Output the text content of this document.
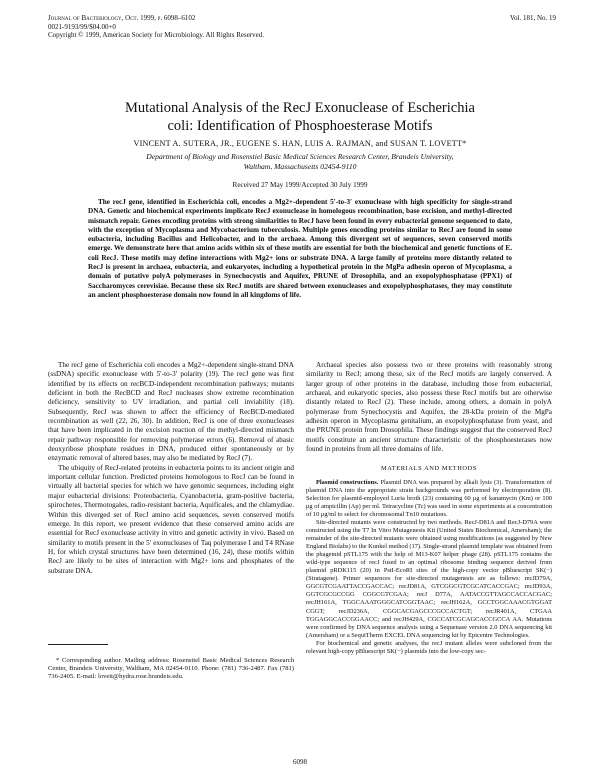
Journal of Bacteriology, Oct. 1999, p. 6098–6102
0021-9193/99/$04.00+0
Copyright © 1999, American Society for Microbiology. All Rights Reserved.
Vol. 181, No. 19
Mutational Analysis of the RecJ Exonuclease of Escherichia
coli: Identification of Phosphoesterase Motifs
VINCENT A. SUTERA, JR., EUGENE S. HAN, LUIS A. RAJMAN, and SUSAN T. LOVETT*
Department of Biology and Rosenstiel Basic Medical Sciences Research Center, Brandeis University,
Waltham, Massachusetts 02454-9110
Received 27 May 1999/Accepted 30 July 1999

The recJ gene, identified in Escherichia coli, encodes a Mg2+-dependent 5′-to-3′ exonuclease with high specificity for single-strand DNA. Genetic and biochemical experiments implicate RecJ exonuclease in homologous recombination, base excision, and methyl-directed mismatch repair. Genes encoding proteins with strong similarities to RecJ have been found in every eubacterial genome sequenced to date, with the exception of Mycoplasma and Mycobacterium tuberculosis. Multiple genes encoding proteins similar to RecJ are found in some eubacteria, including Bacillus and Helicobacter, and in the archaea. Among this divergent set of sequences, seven conserved motifs emerge. We demonstrate here that amino acids within six of these motifs are essential for both the biochemical and genetic functions of E. coli RecJ. These motifs may define interactions with Mg2+ ions or substrate DNA. A large family of proteins more distantly related to RecJ is present in archaea, eubacteria, and eukaryotes, including a hypothetical protein in the MgPa adhesin operon of Mycoplasma, a domain of putative polyA polymerases in Synechocystis and Aquifex, PRUNE of Drosophila, and an exopolyphosphatase (PPX1) of Saccharomyces cerevisiae. Because these six RecJ motifs are shared between exonucleases and exopolyphosphatases, they may constitute an ancient phosphoesterase domain now found in all kingdoms of life.

The recJ gene of Escherichia coli encodes a Mg2+-dependent single-strand DNA (ssDNA) specific exonuclease with 5′-to-3′ polarity (19). The recJ gene was first identified by its effects on recBCD-independent recombination pathways; mutants deficient in both the RecBCD and RecJ nucleases show extreme recombination deficiency, sensitivity to UV irradiation, and partial cell inviability (18). Subsequently, RecJ was shown to affect the efficiency of RecBCD-mediated recombination as well (22, 26, 30). In addition, RecJ is one of three exonucleases that have been implicated in the excision reaction of the methyl-directed mismatch repair pathway responsible for removing polymerase errors (6). Removal of abasic deoxyribose phosphate residues in DNA, produced either spontaneously or by enzymatic removal of altered bases, may also be mediated by RecJ (7).

The ubiquity of RecJ-related proteins in eubacteria points to its ancient origin and important cellular function. Predicted proteins homologous to RecJ can be found in virtually all bacterial species for which we have genomic sequences, including eight major eubacterial divisions: Proteobacteria, Cyanobacteria, gram-positive bacteria, spirochetes, Thermotogales, radio-resistant bacteria, Aquificales, and the chlamydiae. Within this diverged set of RecJ amino acid sequences, seven conserved motifs emerge. In this report, we present evidence that these conserved amino acids are essential for RecJ exonuclease activity in vitro and genetic activity in vivo. Based on similarity to motifs present in the 5′ exonucleases of Taq polymerase I and T4 RNase H, for which crystal structures have been determined (16, 24), these motifs within RecJ are likely to be sites of interaction with Mg2+ ions and phosphates of the substrate DNA.

Archaeal species also possess two or three proteins with reasonably strong similarity to RecJ; among these, six of the RecJ motifs are largely conserved. A larger group of other proteins in the database, including those from eubacterial, archaeal, and eukaryotic species, also possess these RecJ motifs but are otherwise distantly related to RecJ (2). These include, among others, a domain in polyA polymerase from Synechocystis and Aquifex, the 28-kDa protein of the MgPa adhesin operon in Mycoplasma genitalium, an exopolyphosphatase from yeast, and the PRUNE protein from Drosophila. These findings suggest that the conserved RecJ motifs constitute an ancient structure characteristic of the phosphoesterases now found in proteins from all three domains of life.

MATERIALS AND METHODS

Plasmid constructions. Plasmid DNA was prepared by alkali lysis (3). Transformation of plasmid DNA into the appropriate strain backgrounds was performed by electroporation (8). Selection for plasmid-employed Luria broth (23) containing 60 μg of kanamycin (Km) or 100 μg of ampicillin (Ap) per ml. Tetracycline (Tc) was used in some experiments at a concentration of 10 μg/ml to select for chromosomal Tn10 mutations.

Site-directed mutants were constructed by two methods. RecJ-D81A and RecJ-D79A were constructed using the T7 In Vitro Mutagenesis Kit (United States Biochemical, Amersham); the remainder of the site-directed mutants were obtained using modifications (as suggested by New England Biolabs) to the Kunkel method (17). Single-strand plasmid template was obtained from the phagemid pSTL175 with the help of M13-K07 helper phage (28). pSTL175 contains the wild-type sequence of recJ fused to an optimal ribosome binding sequence derived from plasmid pRDK115 (20) in PstI-EcoRI sites of the high-copy vector pBluescript SK(−) (Stratagene). Primer sequences for site-directed mutagenesis are as follows: recJD79A, GGCGTCGAATTACCGACCAC; recJD81A, GTCGGCGTCGCATCACCGAC; recJD93A, GGTCGCGCCGG CGGCGTCGAA; recJ D77A, AATACCGTTAGCCACCACGAC; recJH161A, TGGCAAATGGGCATCGGTAAC; recJH162A, GCCTGGCAAACGTGGAT CGGT; recJD236A, CGGCACGAGCCCGCCACTGT; recJR401A, CTGAA TGGAGGCACCGGAACC; and recJH429A, CGCCATCGCAGCACCGCCA AA. Mutations were confirmed by DNA sequence analysis using a Sequenase version 2.0 DNA sequencing kit (Amersham) or a SequiTherm EXCEL DNA sequencing kit by Epicentre Technologies.

For biochemical and genetic analyses, the recJ mutant alleles were subcloned from the relevant high-copy pBluescript SK(−) plasmids into the low-copy sec-

* Corresponding author. Mailing address: Rosenstiel Basic Medical Sciences Research Center, Brandeis University, Waltham, MA 02454-9110. Phone: (781) 736-2487. Fax (781) 736-2405. E-mail: lovett@hydra.rose.brandeis.edu.

6098
